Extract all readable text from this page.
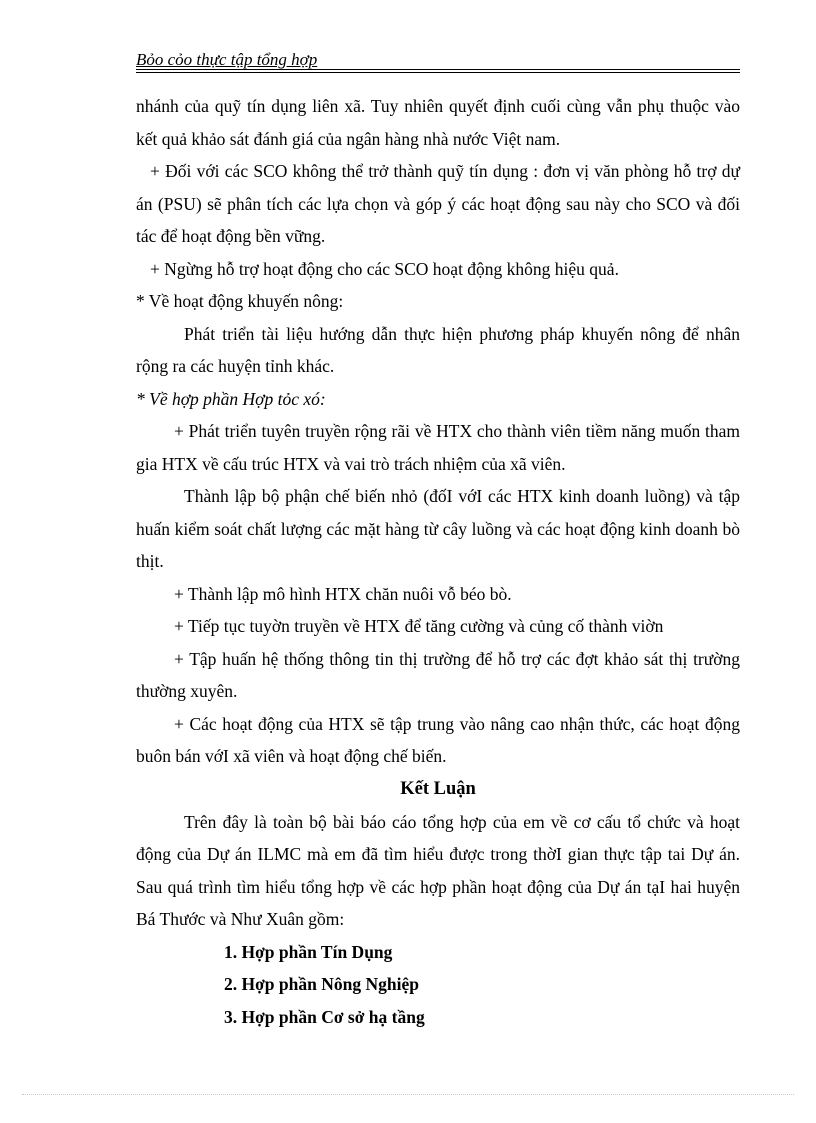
Bỏo cỏo thực tập tổng hợp

nhánh của quỹ tín dụng liên xã. Tuy nhiên quyết định cuối cùng vẫn phụ thuộc vào kết quả khảo sát đánh giá của ngân hàng nhà nước Việt nam.

+ Đối với các SCO không thể trở thành quỹ tín dụng : đơn vị văn phòng hỗ trợ dự án (PSU) sẽ phân tích các lựa chọn và góp ý các hoạt động sau này cho SCO và đối tác để hoạt động bền vững.

+ Ngừng hỗ trợ hoạt động cho các SCO hoạt động không hiệu quả.

* Về hoạt động khuyến nông:

Phát triển tài liệu hướng dẫn thực hiện phương pháp khuyến nông để nhân rộng ra các huyện tỉnh khác.

* Về hợp phần Hợp tỏc xó:

+ Phát triển tuyên truyền rộng rãi về HTX cho thành viên tiềm năng muốn tham gia HTX về cấu trúc HTX và vai trò trách nhiệm của xã viên.

Thành lập bộ phận chế biến nhỏ (đốI vớI các HTX kinh doanh luồng) và tập huấn kiểm soát chất lượng các mặt hàng từ cây luồng và các hoạt động kinh doanh bò thịt.

+ Thành lập mô hình HTX chăn nuôi vỗ béo bò.

+ Tiếp tục tuyờn truyền về HTX để tăng cường và củng cố thành viờn

+ Tập huấn hệ thống thông tin thị trường để hỗ trợ các đợt khảo sát thị trường thường xuyên.

+ Các hoạt động của HTX sẽ tập trung vào nâng cao nhận thức, các hoạt động buôn bán vớI xã viên và hoạt động chế biến.

Kết Luận

Trên đây là toàn bộ bài báo cáo tổng hợp của em về cơ cấu tổ chức và hoạt động của Dự án ILMC mà em đã tìm hiểu được trong thờI gian thực tập tai Dự án. Sau quá trình tìm hiểu tổng hợp về các hợp phần hoạt động của Dự án tạI hai huyện Bá Thước và Như Xuân gồm:

1. Hợp phần Tín Dụng
2. Hợp phần Nông Nghiệp
3. Hợp phần Cơ sở hạ tầng
